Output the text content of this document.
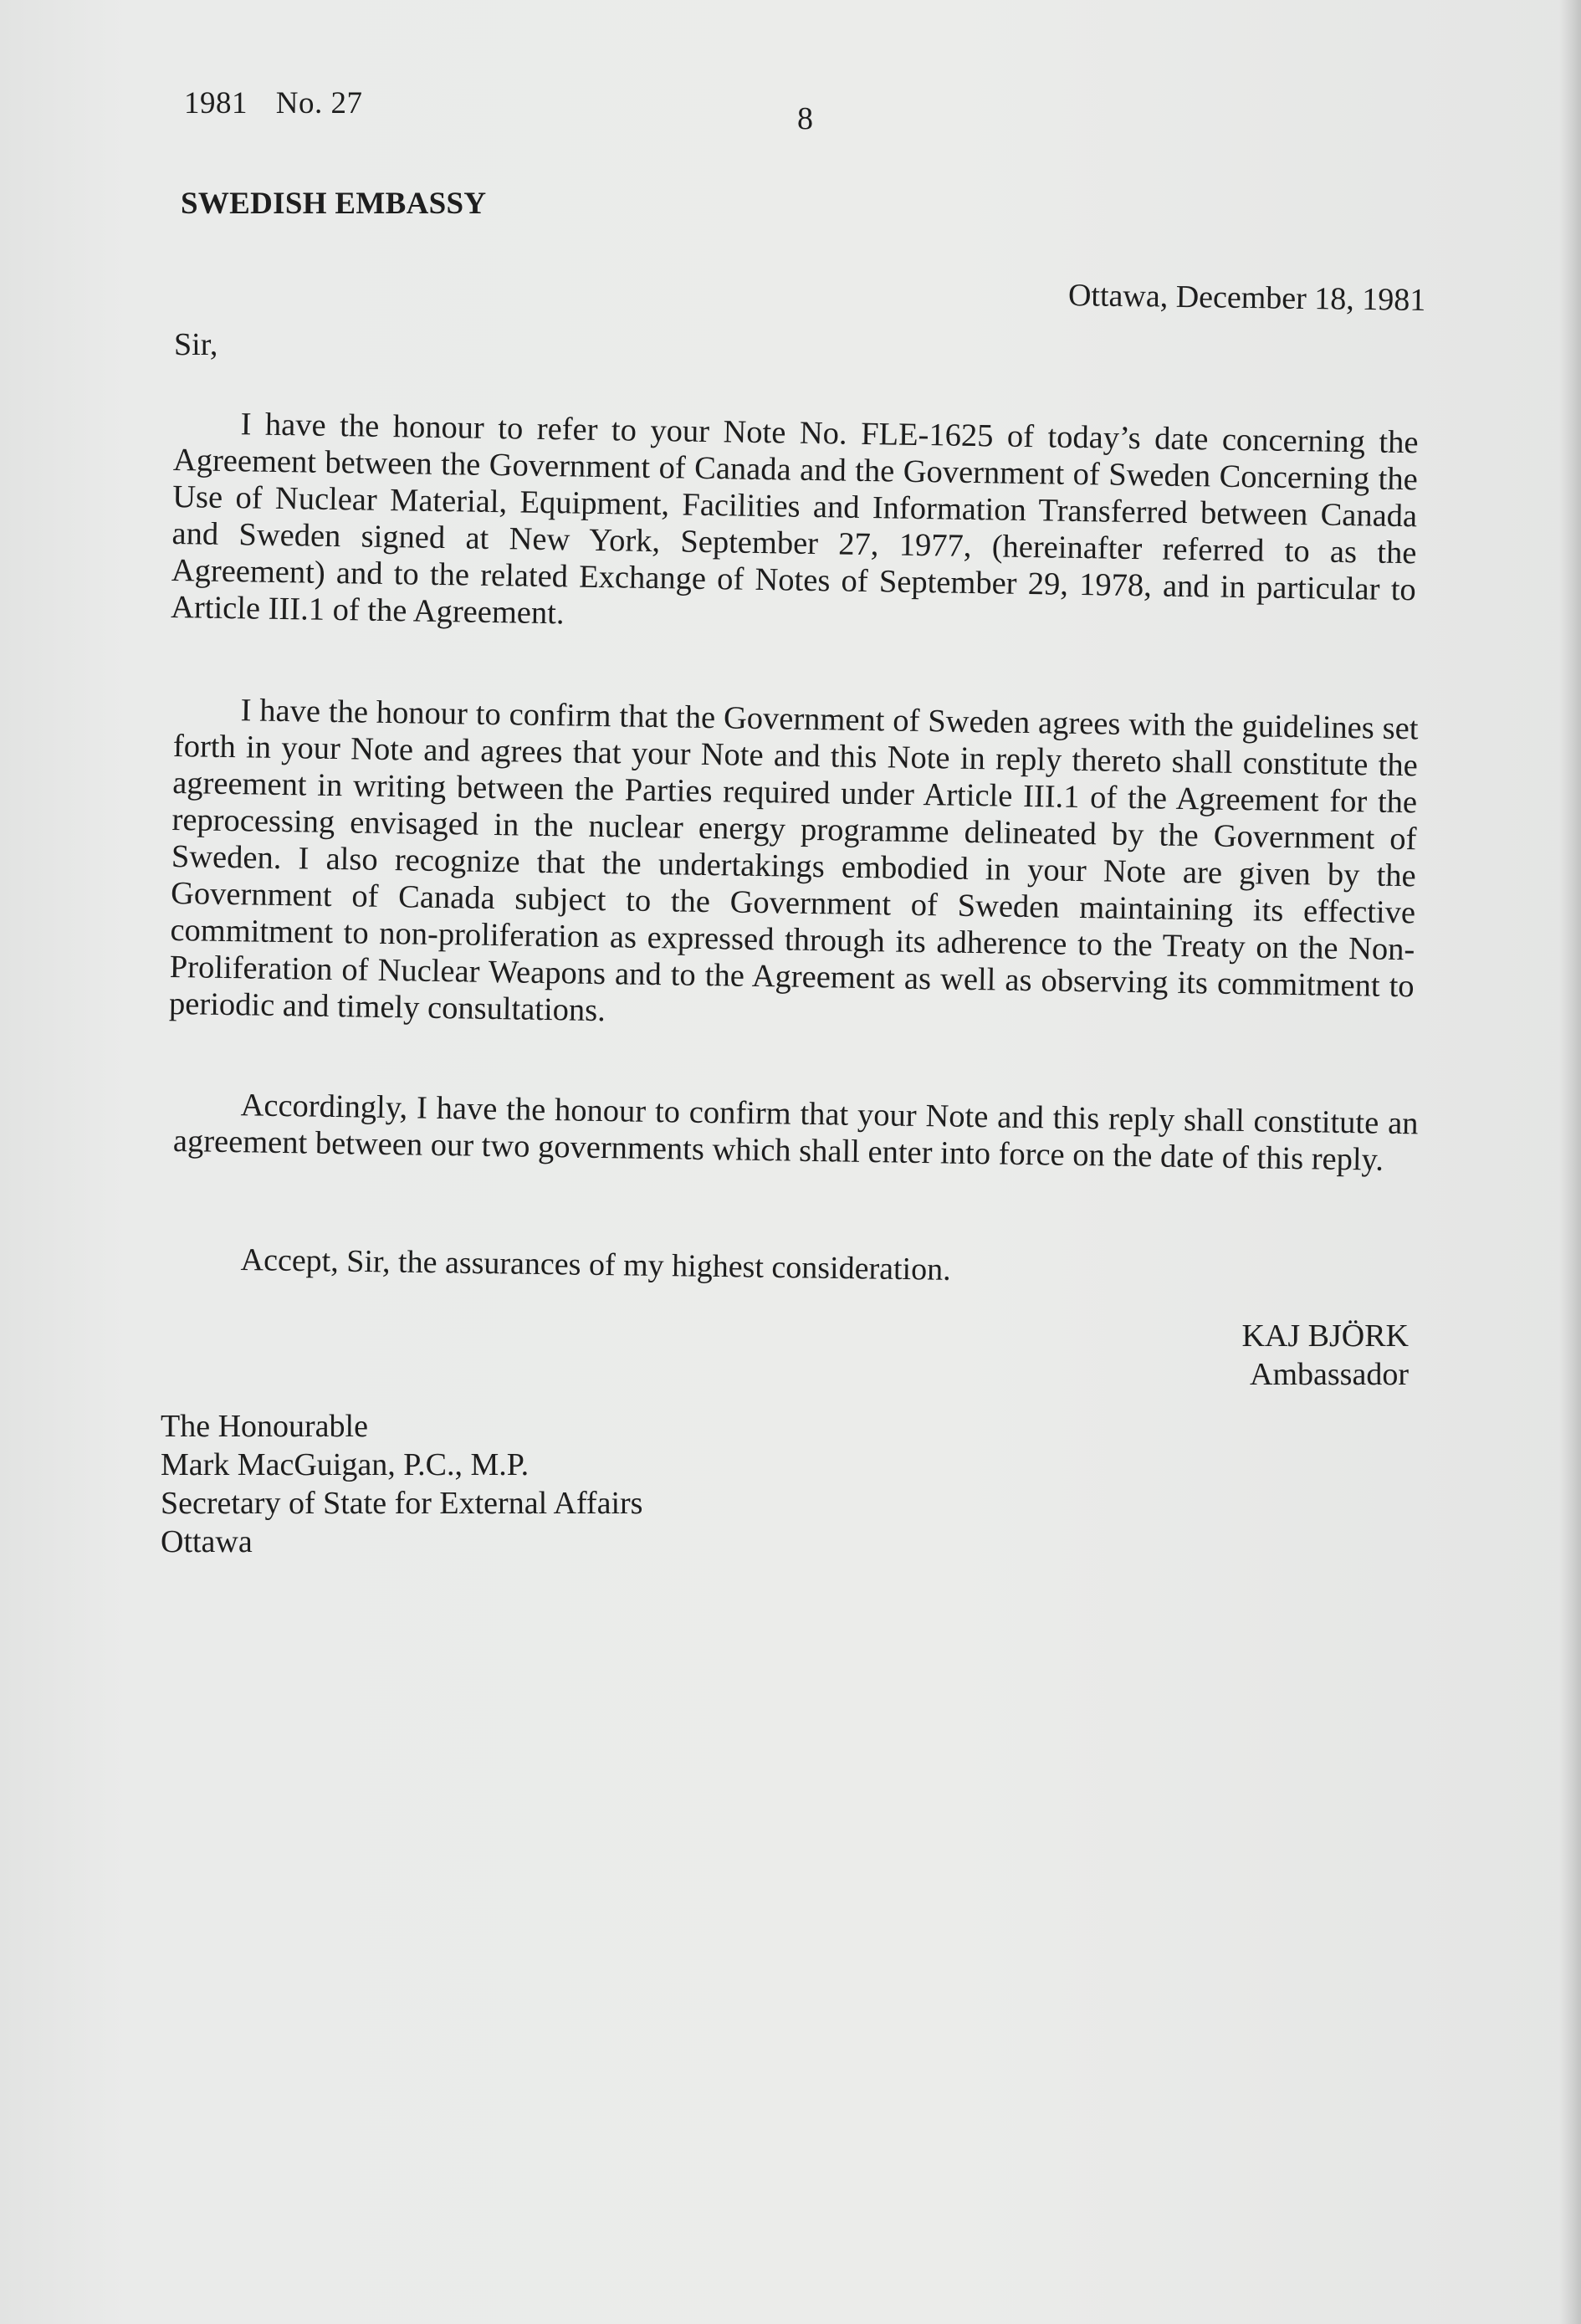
1981 No. 27	8
SWEDISH EMBASSY
Ottawa, December 18, 1981
Sir,

I have the honour to refer to your Note No. FLE-1625 of today’s date concerning the Agreement between the Government of Canada and the Government of Sweden Concerning the Use of Nuclear Material, Equipment, Facilities and Information Transferred between Canada and Sweden signed at New York, September 27, 1977, (hereinafter referred to as the Agreement) and to the related Exchange of Notes of September 29, 1978, and in particular to Article III.1 of the Agreement.

I have the honour to confirm that the Government of Sweden agrees with the guidelines set forth in your Note and agrees that your Note and this Note in reply thereto shall constitute the agreement in writing between the Parties required under Article III.1 of the Agreement for the reprocessing envisaged in the nuclear energy programme delineated by the Government of Sweden. I also recognize that the undertakings embodied in your Note are given by the Government of Canada subject to the Government of Sweden maintaining its effective commitment to non-proliferation as expressed through its adherence to the Treaty on the Non-Proliferation of Nuclear Weapons and to the Agreement as well as observing its commitment to periodic and timely consultations.

Accordingly, I have the honour to confirm that your Note and this reply shall constitute an agreement between our two governments which shall enter into force on the date of this reply.

Accept, Sir, the assurances of my highest consideration.
KAJ BJÖRK
Ambassador
The Honourable
Mark MacGuigan, P.C., M.P.
Secretary of State for External Affairs
Ottawa
